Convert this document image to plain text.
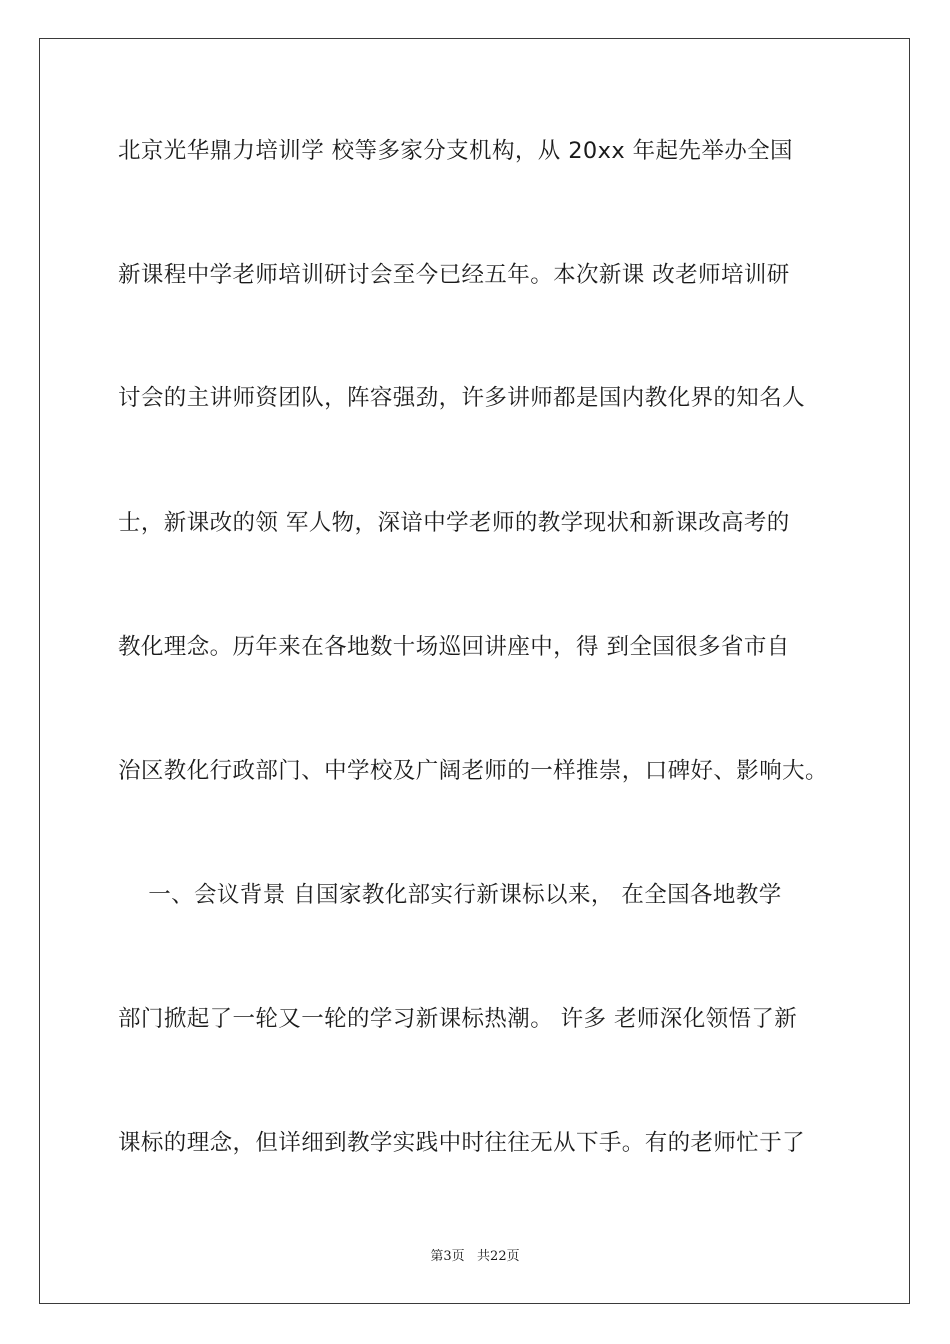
北京光华鼎力培训学 校等多家分支机构，从 20xx 年起先举办全国

新课程中学老师培训研讨会至今已经五年。本次新课 改老师培训研

讨会的主讲师资团队，阵容强劲，许多讲师都是国内教化界的知名人

士，新课改的领 军人物，深谙中学老师的教学现状和新课改高考的

教化理念。历年来在各地数十场巡回讲座中，得 到全国很多省市自

治区教化行政部门、中学校及广阔老师的一样推崇，口碑好、影响大。

一、会议背景 自国家教化部实行新课标以来， 在全国各地教学

部门掀起了一轮又一轮的学习新课标热潮。 许多 老师深化领悟了新

课标的理念，但详细到教学实践中时往往无从下手。有的老师忙于了

第3页   共22页
